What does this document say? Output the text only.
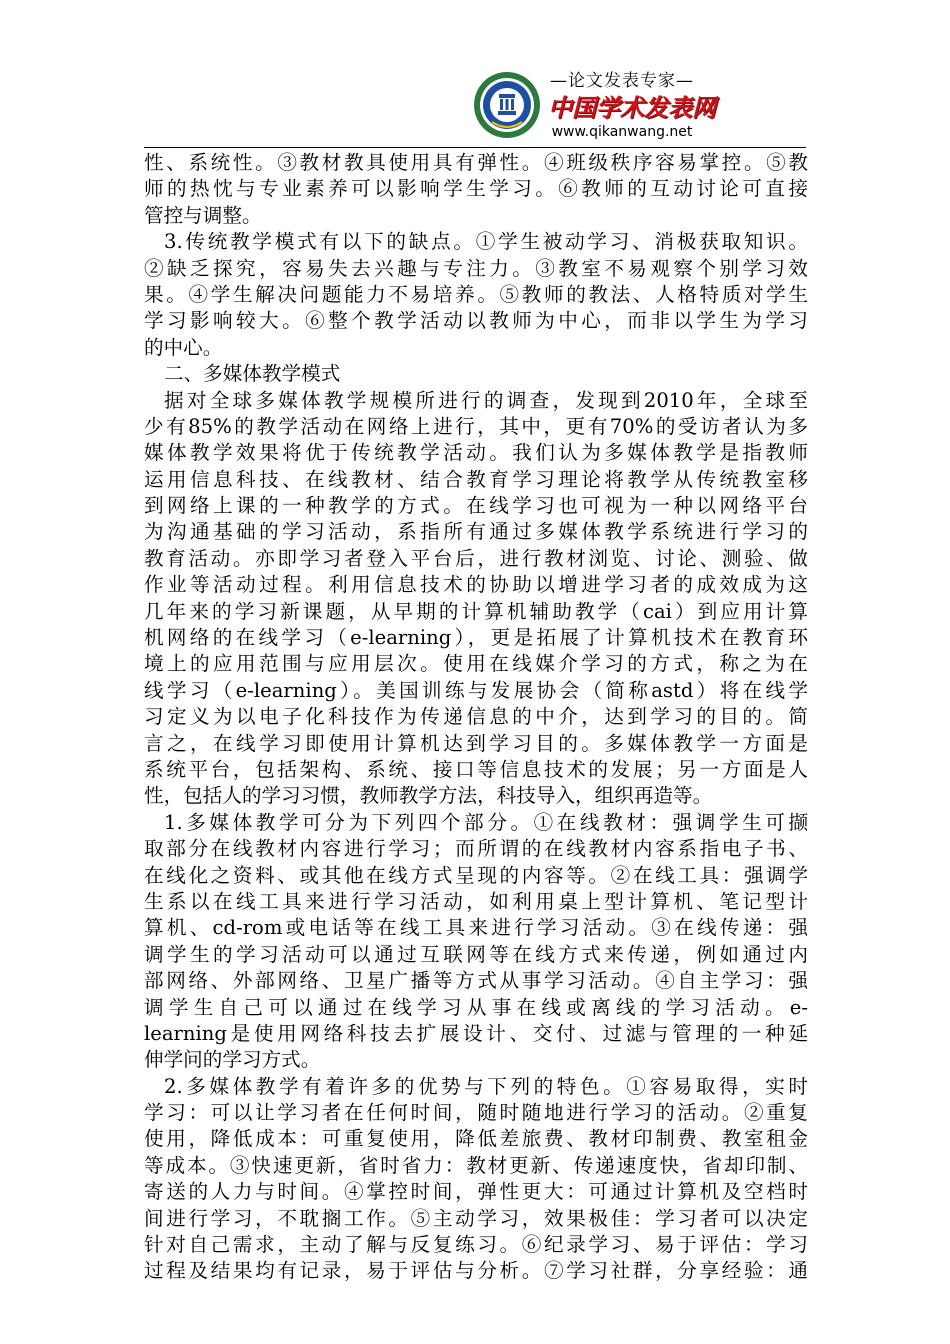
—论文发表专家—
中国学术发表网
www.qikanwang.net
性、系统性。③教材教具使用具有弹性。④班级秩序容易掌控。⑤教
师的热忱与专业素养可以影响学生学习。⑥教师的互动讨论可直接
管控与调整。
3.传统教学模式有以下的缺点。①学生被动学习、消极获取知识。
②缺乏探究，容易失去兴趣与专注力。③教室不易观察个别学习效
果。④学生解决问题能力不易培养。⑤教师的教法、人格特质对学生
学习影响较大。⑥整个教学活动以教师为中心，而非以学生为学习
的中心。
二、多媒体教学模式
据对全球多媒体教学规模所进行的调查，发现到2010年，全球至
少有85%的教学活动在网络上进行，其中，更有70%的受访者认为多
媒体教学效果将优于传统教学活动。我们认为多媒体教学是指教师
运用信息科技、在线教材、结合教育学习理论将教学从传统教室移
到网络上课的一种教学的方式。在线学习也可视为一种以网络平台
为沟通基础的学习活动，系指所有通过多媒体教学系统进行学习的
教育活动。亦即学习者登入平台后，进行教材浏览、讨论、测验、做
作业等活动过程。利用信息技术的协助以增进学习者的成效成为这
几年来的学习新课题，从早期的计算机辅助教学（cai）到应用计算
机网络的在线学习（e-learning），更是拓展了计算机技术在教育环
境上的应用范围与应用层次。使用在线媒介学习的方式，称之为在
线学习（e-learning）。美国训练与发展协会（简称astd）将在线学
习定义为以电子化科技作为传递信息的中介，达到学习的目的。简
言之，在线学习即使用计算机达到学习目的。多媒体教学一方面是
系统平台，包括架构、系统、接口等信息技术的发展；另一方面是人
性，包括人的学习习惯，教师教学方法，科技导入，组织再造等。
1.多媒体教学可分为下列四个部分。①在线教材：强调学生可撷
取部分在线教材内容进行学习；而所谓的在线教材内容系指电子书、
在线化之资料、或其他在线方式呈现的内容等。②在线工具：强调学
生系以在线工具来进行学习活动，如利用桌上型计算机、笔记型计
算机、cd-rom或电话等在线工具来进行学习活动。③在线传递：强
调学生的学习活动可以通过互联网等在线方式来传递，例如通过内
部网络、外部网络、卫星广播等方式从事学习活动。④自主学习：强
调学生自己可以通过在线学习从事在线或离线的学习活动。e-
learning是使用网络科技去扩展设计、交付、过滤与管理的一种延
伸学问的学习方式。
2.多媒体教学有着许多的优势与下列的特色。①容易取得，实时
学习：可以让学习者在任何时间，随时随地进行学习的活动。②重复
使用，降低成本：可重复使用，降低差旅费、教材印制费、教室租金
等成本。③快速更新，省时省力：教材更新、传递速度快，省却印制、
寄送的人力与时间。④掌控时间，弹性更大：可通过计算机及空档时
间进行学习，不耽搁工作。⑤主动学习，效果极佳：学习者可以决定
针对自己需求，主动了解与反复练习。⑥纪录学习、易于评估：学习
过程及结果均有记录，易于评估与分析。⑦学习社群，分享经验：通
